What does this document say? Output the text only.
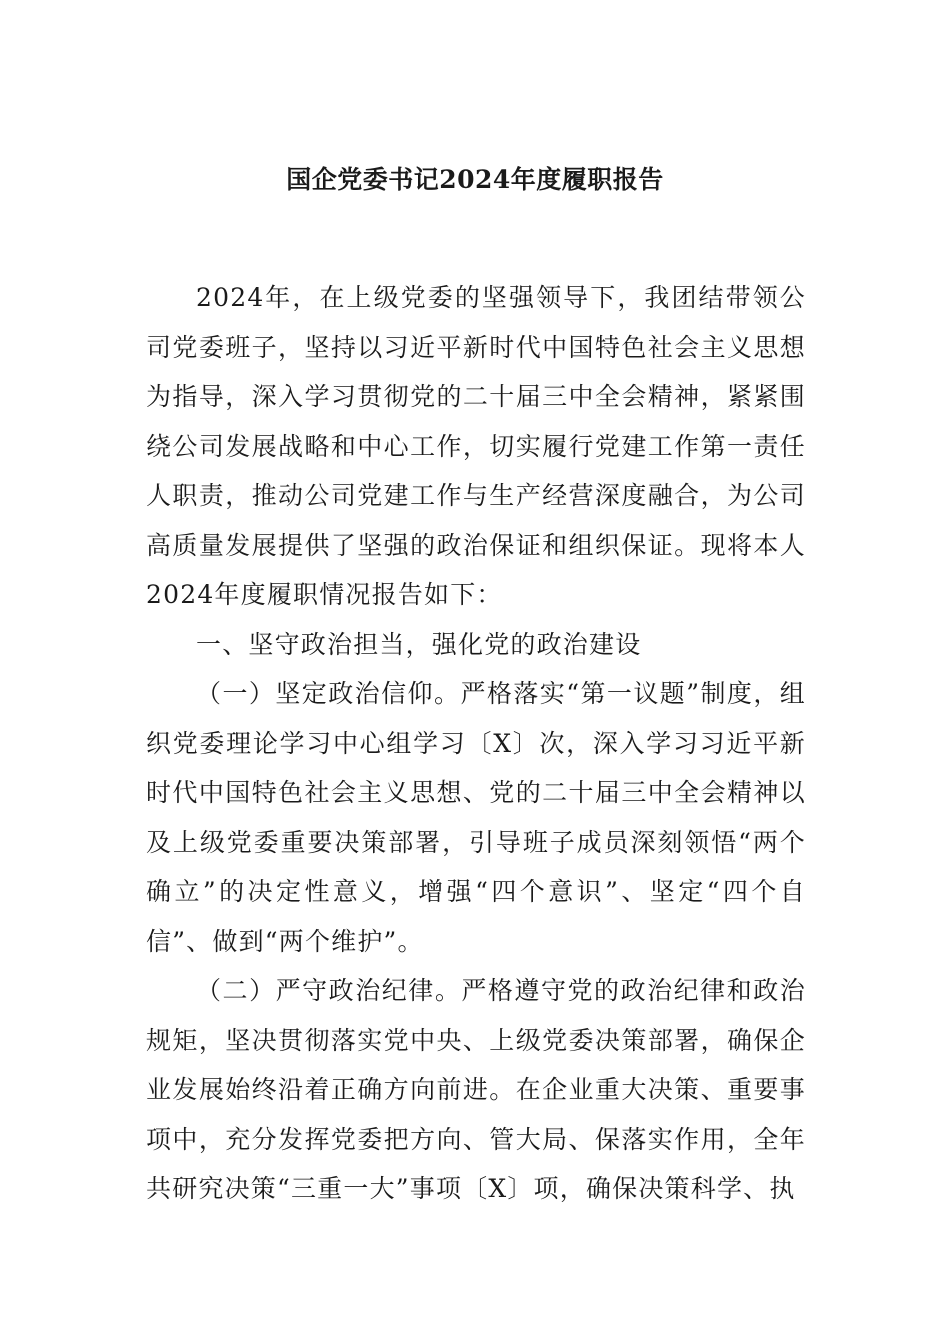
国企党委书记2024年度履职报告

2024年，在上级党委的坚强领导下，我团结带领公司党委班子，坚持以习近平新时代中国特色社会主义思想为指导，深入学习贯彻党的二十届三中全会精神，紧紧围绕公司发展战略和中心工作，切实履行党建工作第一责任人职责，推动公司党建工作与生产经营深度融合，为公司高质量发展提供了坚强的政治保证和组织保证。现将本人2024年度履职情况报告如下：

一、坚守政治担当，强化党的政治建设

（一）坚定政治信仰。严格落实“第一议题”制度，组织党委理论学习中心组学习〔X〕次，深入学习习近平新时代中国特色社会主义思想、党的二十届三中全会精神以及上级党委重要决策部署，引导班子成员深刻领悟“两个确立”的决定性意义，增强“四个意识”、坚定“四个自信”、做到“两个维护”。

（二）严守政治纪律。严格遵守党的政治纪律和政治规矩，坚决贯彻落实党中央、上级党委决策部署，确保企业发展始终沿着正确方向前进。在企业重大决策、重要事项中，充分发挥党委把方向、管大局、保落实作用，全年共研究决策“三重一大”事项〔X〕项，确保决策科学、执
